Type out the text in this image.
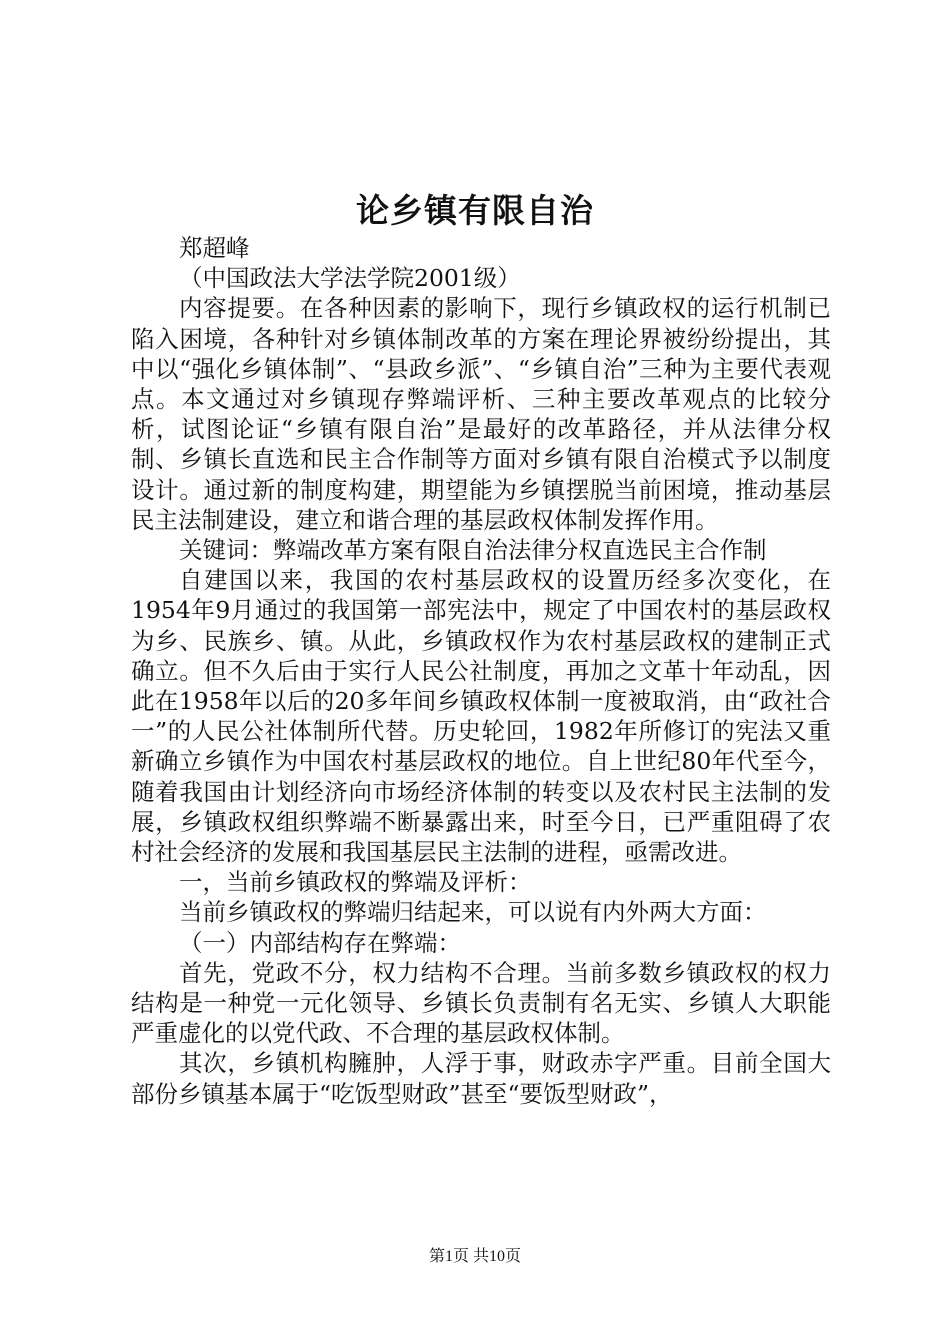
论乡镇有限自治

郑超峰

（中国政法大学法学院2001级）

内容提要。在各种因素的影响下，现行乡镇政权的运行机制已陷入困境，各种针对乡镇体制改革的方案在理论界被纷纷提出，其中以“强化乡镇体制”、“县政乡派”、“乡镇自治”三种为主要代表观点。本文通过对乡镇现存弊端评析、三种主要改革观点的比较分析，试图论证“乡镇有限自治”是最好的改革路径，并从法律分权制、乡镇长直选和民主合作制等方面对乡镇有限自治模式予以制度设计。通过新的制度构建，期望能为乡镇摆脱当前困境，推动基层民主法制建设，建立和谐合理的基层政权体制发挥作用。

关键词：弊端改革方案有限自治法律分权直选民主合作制

自建国以来，我国的农村基层政权的设置历经多次变化，在1954年9月通过的我国第一部宪法中，规定了中国农村的基层政权为乡、民族乡、镇。从此，乡镇政权作为农村基层政权的建制正式确立。但不久后由于实行人民公社制度，再加之文革十年动乱，因此在1958年以后的20多年间乡镇政权体制一度被取消，由“政社合一”的人民公社体制所代替。历史轮回，1982年所修订的宪法又重新确立乡镇作为中国农村基层政权的地位。自上世纪80年代至今，随着我国由计划经济向市场经济体制的转变以及农村民主法制的发展，乡镇政权组织弊端不断暴露出来，时至今日，已严重阻碍了农村社会经济的发展和我国基层民主法制的进程，亟需改进。

一，当前乡镇政权的弊端及评析：

当前乡镇政权的弊端归结起来，可以说有内外两大方面：

（一）内部结构存在弊端：

首先，党政不分，权力结构不合理。当前多数乡镇政权的权力结构是一种党一元化领导、乡镇长负责制有名无实、乡镇人大职能严重虚化的以党代政、不合理的基层政权体制。

其次，乡镇机构臃肿，人浮于事，财政赤字严重。目前全国大部份乡镇基本属于“吃饭型财政”甚至“要饭型财政”，

第1页 共10页
